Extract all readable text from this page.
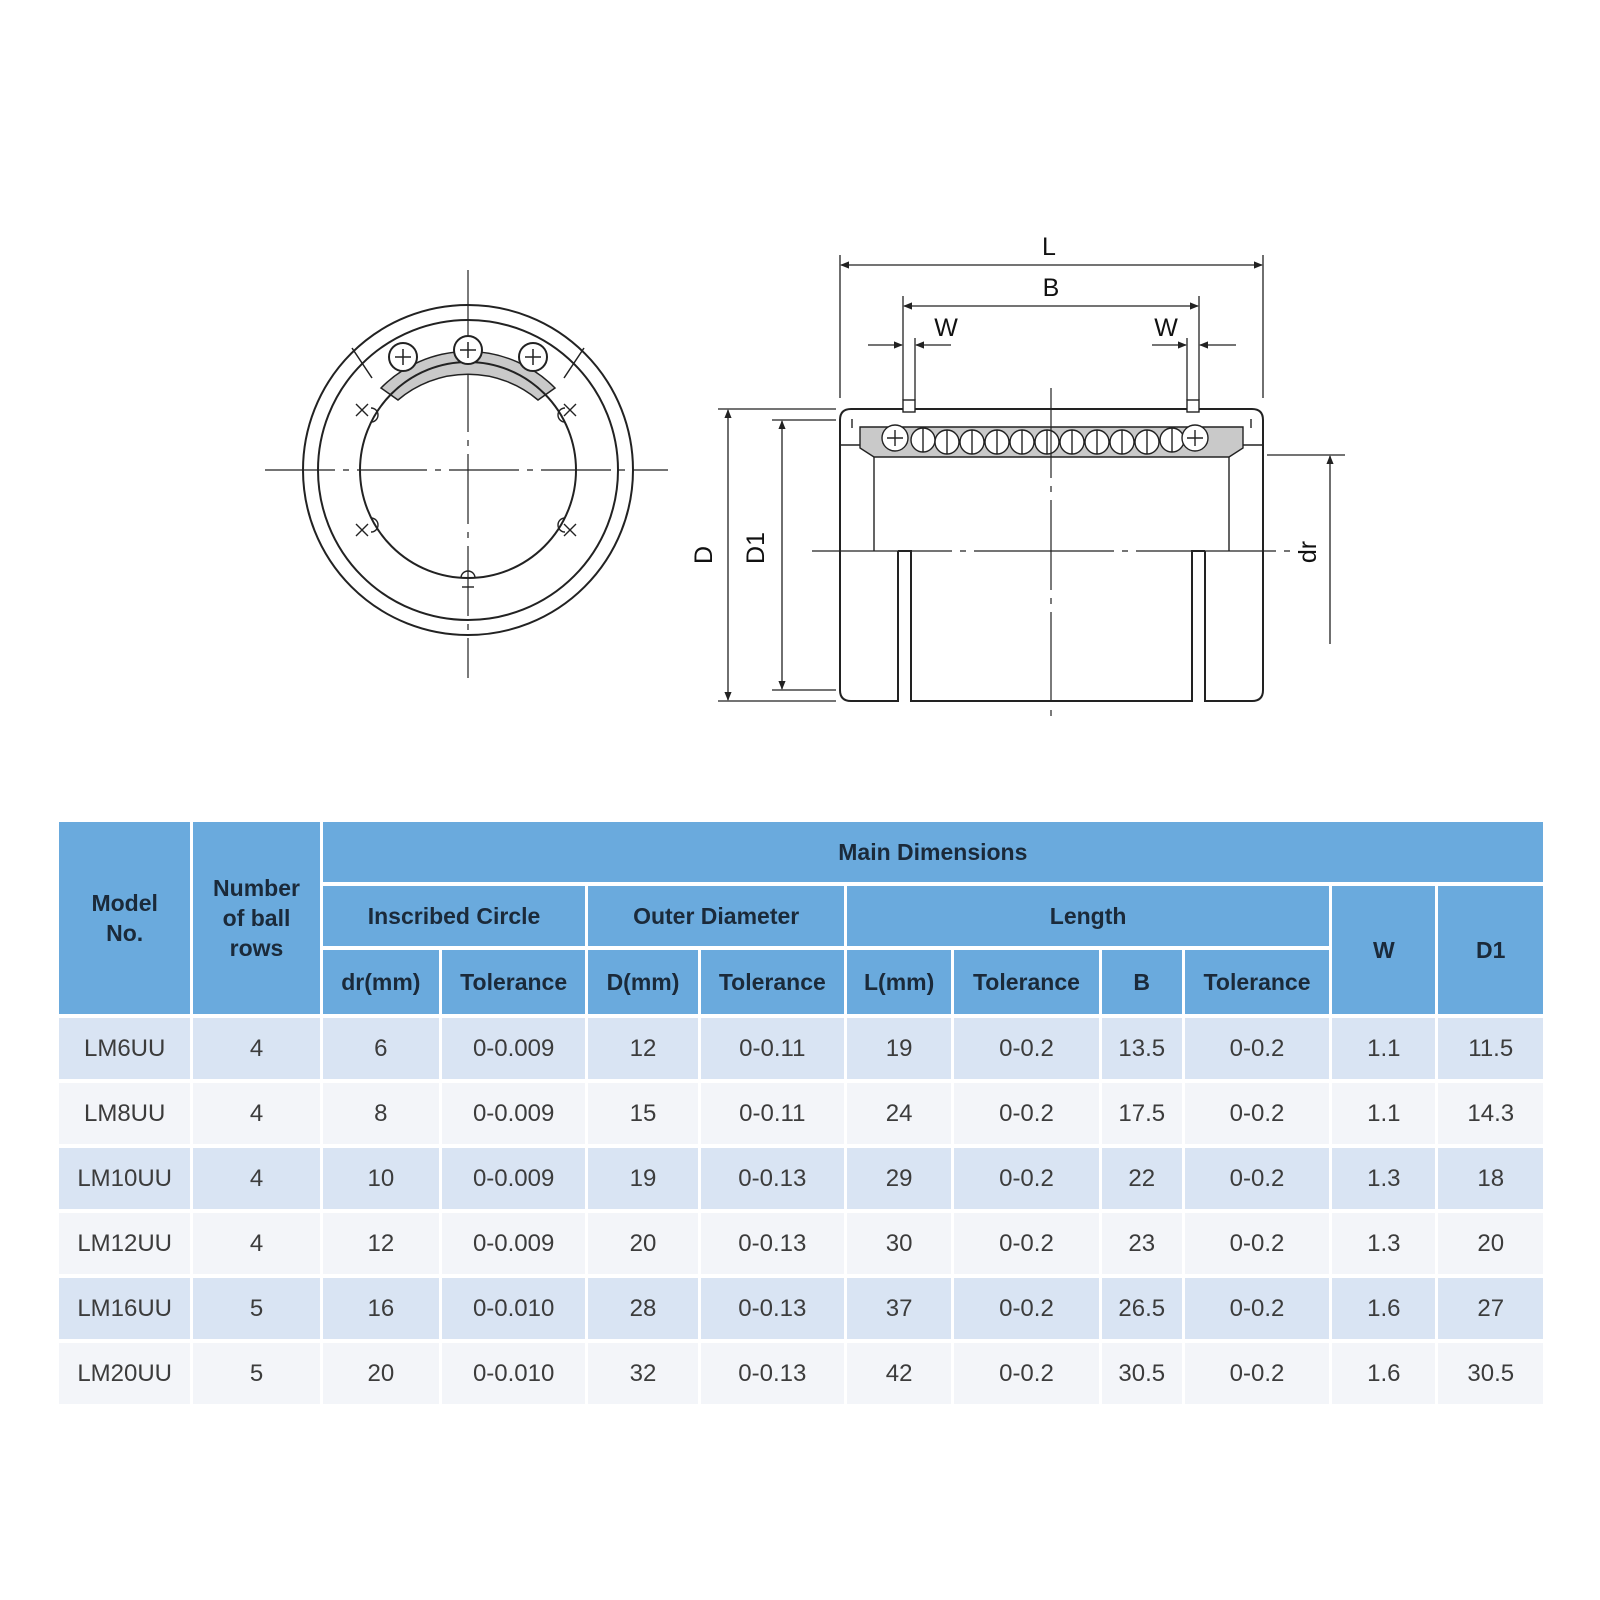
L
B
W	W
D D1	dr
Model No.	Number of ball rows	Main Dimensions									
		Inscribed Circle		Outer Diameter		Length				W	D1
		dr(mm)	Tolerance	D(mm)	Tolerance	L(mm)	Tolerance	B	Tolerance		
LM6UU	4	6	0-0.009	12	0-0.11	19	0-0.2	13.5	0-0.2	1.1	11.5
LM8UU	4	8	0-0.009	15	0-0.11	24	0-0.2	17.5	0-0.2	1.1	14.3
LM10UU	4	10	0-0.009	19	0-0.13	29	0-0.2	22	0-0.2	1.3	18
LM12UU	4	12	0-0.009	20	0-0.13	30	0-0.2	23	0-0.2	1.3	20
LM16UU	5	16	0-0.010	28	0-0.13	37	0-0.2	26.5	0-0.2	1.6	27
LM20UU	5	20	0-0.010	32	0-0.13	42	0-0.2	30.5	0-0.2	1.6	30.5
